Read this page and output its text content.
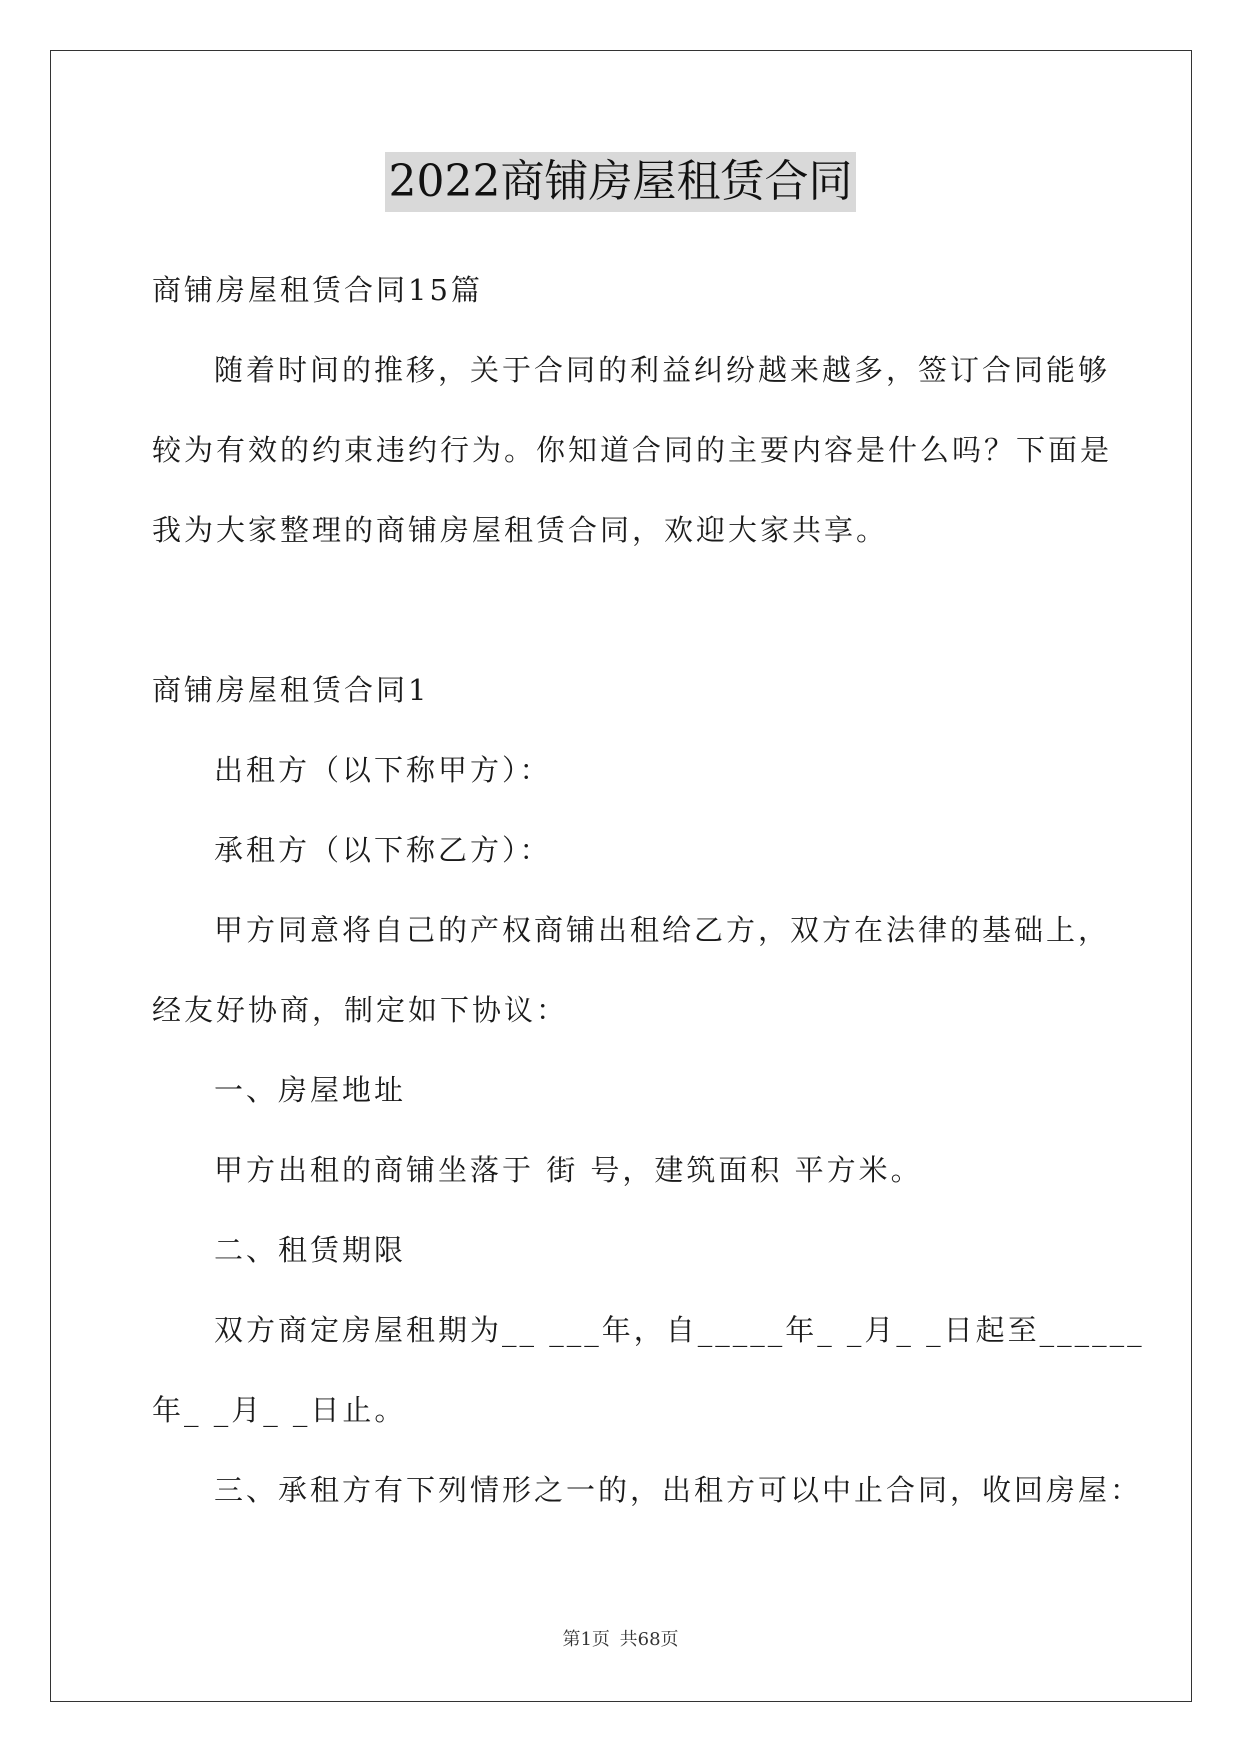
2022商铺房屋租赁合同
商铺房屋租赁合同15篇
随着时间的推移，关于合同的利益纠纷越来越多，签订合同能够
较为有效的约束违约行为。你知道合同的主要内容是什么吗？下面是
我为大家整理的商铺房屋租赁合同，欢迎大家共享。
商铺房屋租赁合同1
出租方（以下称甲方）：
承租方（以下称乙方）：
甲方同意将自己的产权商铺出租给乙方，双方在法律的基础上，
经友好协商，制定如下协议：
一、房屋地址
甲方出租的商铺坐落于 街 号，建筑面积 平方米。
二、租赁期限
双方商定房屋租期为__ ___年，自_____年_ _月_ _日起至______
年_ _月_ _日止。
三、承租方有下列情形之一的，出租方可以中止合同，收回房屋：
第1页 共68页
